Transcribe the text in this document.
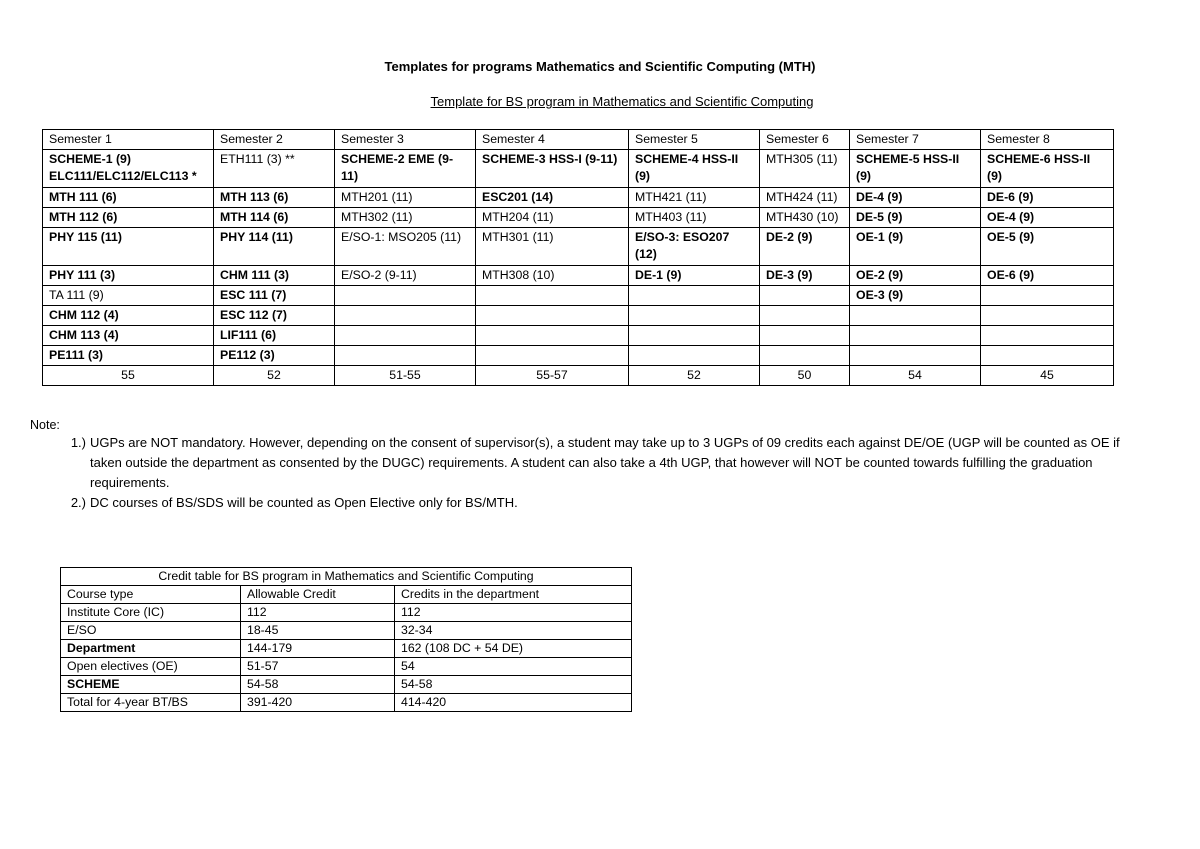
Templates for programs Mathematics and Scientific Computing (MTH)
Template for BS program in Mathematics and Scientific Computing
Semester 1	Semester 2	Semester 3	Semester 4	Semester 5	Semester 6	Semester 7	Semester 8
SCHEME-1 (9)
ELC111/ELC112/ELC113 *	ETH111 (3) **	SCHEME-2 EME (9-11)	SCHEME-3 HSS-I (9-11)	SCHEME-4 HSS-II (9)	MTH305 (11)	SCHEME-5 HSS-II (9)	SCHEME-6 HSS-II (9)
MTH 111 (6)	MTH 113 (6)	MTH201 (11)	ESC201 (14)	MTH421 (11)	MTH424 (11)	DE-4 (9)	DE-6 (9)
MTH 112 (6)	MTH 114 (6)	MTH302 (11)	MTH204 (11)	MTH403 (11)	MTH430 (10)	DE-5 (9)	OE-4 (9)
PHY 115 (11)	PHY 114 (11)	E/SO-1: MSO205 (11)	MTH301 (11)	E/SO-3: ESO207 (12)	DE-2 (9)	OE-1 (9)	OE-5 (9)
PHY 111 (3)	CHM 111 (3)	E/SO-2 (9-11)	MTH308 (10)	DE-1 (9)	DE-3 (9)	OE-2 (9)	OE-6 (9)
TA 111 (9)	ESC 111 (7)					OE-3 (9)	
CHM 112 (4)	ESC 112 (7)						
CHM 113 (4)	LIF111 (6)						
PE111 (3)	PE112 (3)						
55	52	51-55	55-57	52	50	54	45
Note:
1.) UGPs are NOT mandatory. However, depending on the consent of supervisor(s), a student may take up to 3 UGPs of 09 credits each against DE/OE (UGP will be counted as OE if taken outside the department as consented by the DUGC) requirements. A student can also take a 4th UGP, that however will NOT be counted towards fulfilling the graduation requirements.
2.) DC courses of BS/SDS will be counted as Open Elective only for BS/MTH.
Credit table for BS program in Mathematics and Scientific Computing		
Course type	Allowable Credit	Credits in the department
Institute Core (IC)	112	112
E/SO	18-45	32-34
Department	144-179	162 (108 DC + 54 DE)
Open electives (OE)	51-57	54
SCHEME	54-58	54-58
Total for 4-year BT/BS	391-420	414-420
